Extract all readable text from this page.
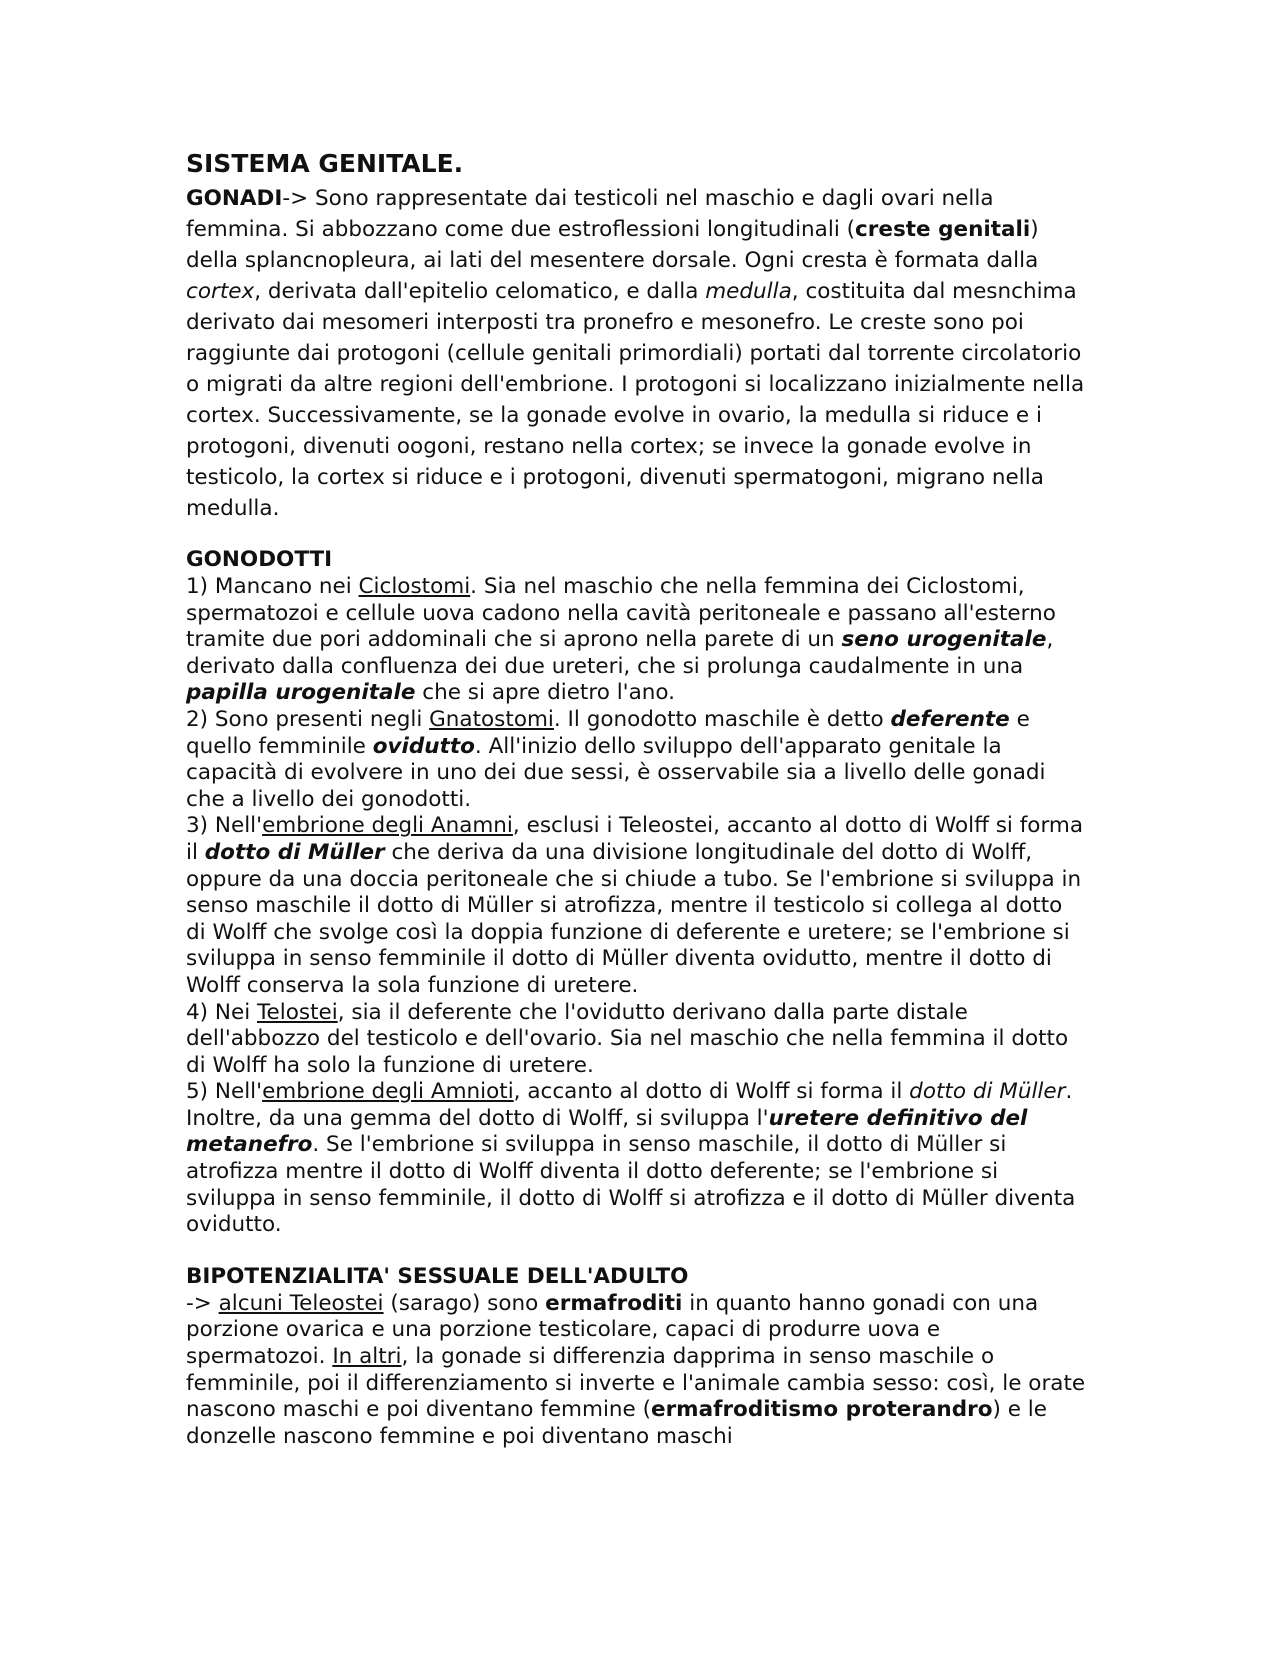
SISTEMA GENITALE.

GONADI-> Sono rappresentate dai testicoli nel maschio e dagli ovari nella femmina. Si abbozzano come due estroflessioni longitudinali (creste genitali) della splancnopleura, ai lati del mesentere dorsale. Ogni cresta è formata dalla cortex, derivata dall'epitelio celomatico, e dalla medulla, costituita dal mesnchima derivato dai mesomeri interposti tra pronefro e mesonefro. Le creste sono poi raggiunte dai protogoni (cellule genitali primordiali) portati dal torrente circolatorio o migrati da altre regioni dell'embrione. I protogoni si localizzano inizialmente nella cortex. Successivamente, se la gonade evolve in ovario, la medulla si riduce e i protogoni, divenuti oogoni, restano nella cortex; se invece la gonade evolve in testicolo, la cortex si riduce e i protogoni, divenuti spermatogoni, migrano nella medulla.

GONODOTTI

1) Mancano nei Ciclostomi. Sia nel maschio che nella femmina dei Ciclostomi, spermatozoi e cellule uova cadono nella cavità peritoneale e passano all'esterno tramite due pori addominali che si aprono nella parete di un seno urogenitale, derivato dalla confluenza dei due ureteri, che si prolunga caudalmente in una papilla urogenitale che si apre dietro l'ano.

2) Sono presenti negli Gnatostomi. Il gonodotto maschile è detto deferente e quello femminile ovidutto. All'inizio dello sviluppo dell'apparato genitale la capacità di evolvere in uno dei due sessi, è osservabile sia a livello delle gonadi che a livello dei gonodotti.

3) Nell'embrione degli Anamni, esclusi i Teleostei, accanto al dotto di Wolff si forma il dotto di Müller che deriva da una divisione longitudinale del dotto di Wolff, oppure da una doccia peritoneale che si chiude a tubo. Se l'embrione si sviluppa in senso maschile il dotto di Müller si atrofizza, mentre il testicolo si collega al dotto di Wolff che svolge così la doppia funzione di deferente e uretere; se l'embrione si sviluppa in senso femminile il dotto di Müller diventa ovidutto, mentre il dotto di Wolff conserva la sola funzione di uretere.

4) Nei Telostei, sia il deferente che l'ovidutto derivano dalla parte distale dell'abbozzo del testicolo e dell'ovario. Sia nel maschio che nella femmina il dotto di Wolff ha solo la funzione di uretere.

5) Nell'embrione degli Amnioti, accanto al dotto di Wolff si forma il dotto di Müller. Inoltre, da una gemma del dotto di Wolff, si sviluppa l'uretere definitivo del metanefro. Se l'embrione si sviluppa in senso maschile, il dotto di Müller si atrofizza mentre il dotto di Wolff diventa il dotto deferente; se l'embrione si sviluppa in senso femminile, il dotto di Wolff si atrofizza e il dotto di Müller diventa ovidutto.

BIPOTENZIALITA' SESSUALE DELL'ADULTO

-> alcuni Teleostei (sarago) sono ermafroditi in quanto hanno gonadi con una porzione ovarica e una porzione testicolare, capaci di produrre uova e spermatozoi. In altri, la gonade si differenzia dapprima in senso maschile o femminile, poi il differenziamento si inverte e l'animale cambia sesso: così, le orate nascono maschi e poi diventano femmine (ermafroditismo proterandro) e le donzelle nascono femmine e poi diventano maschi
